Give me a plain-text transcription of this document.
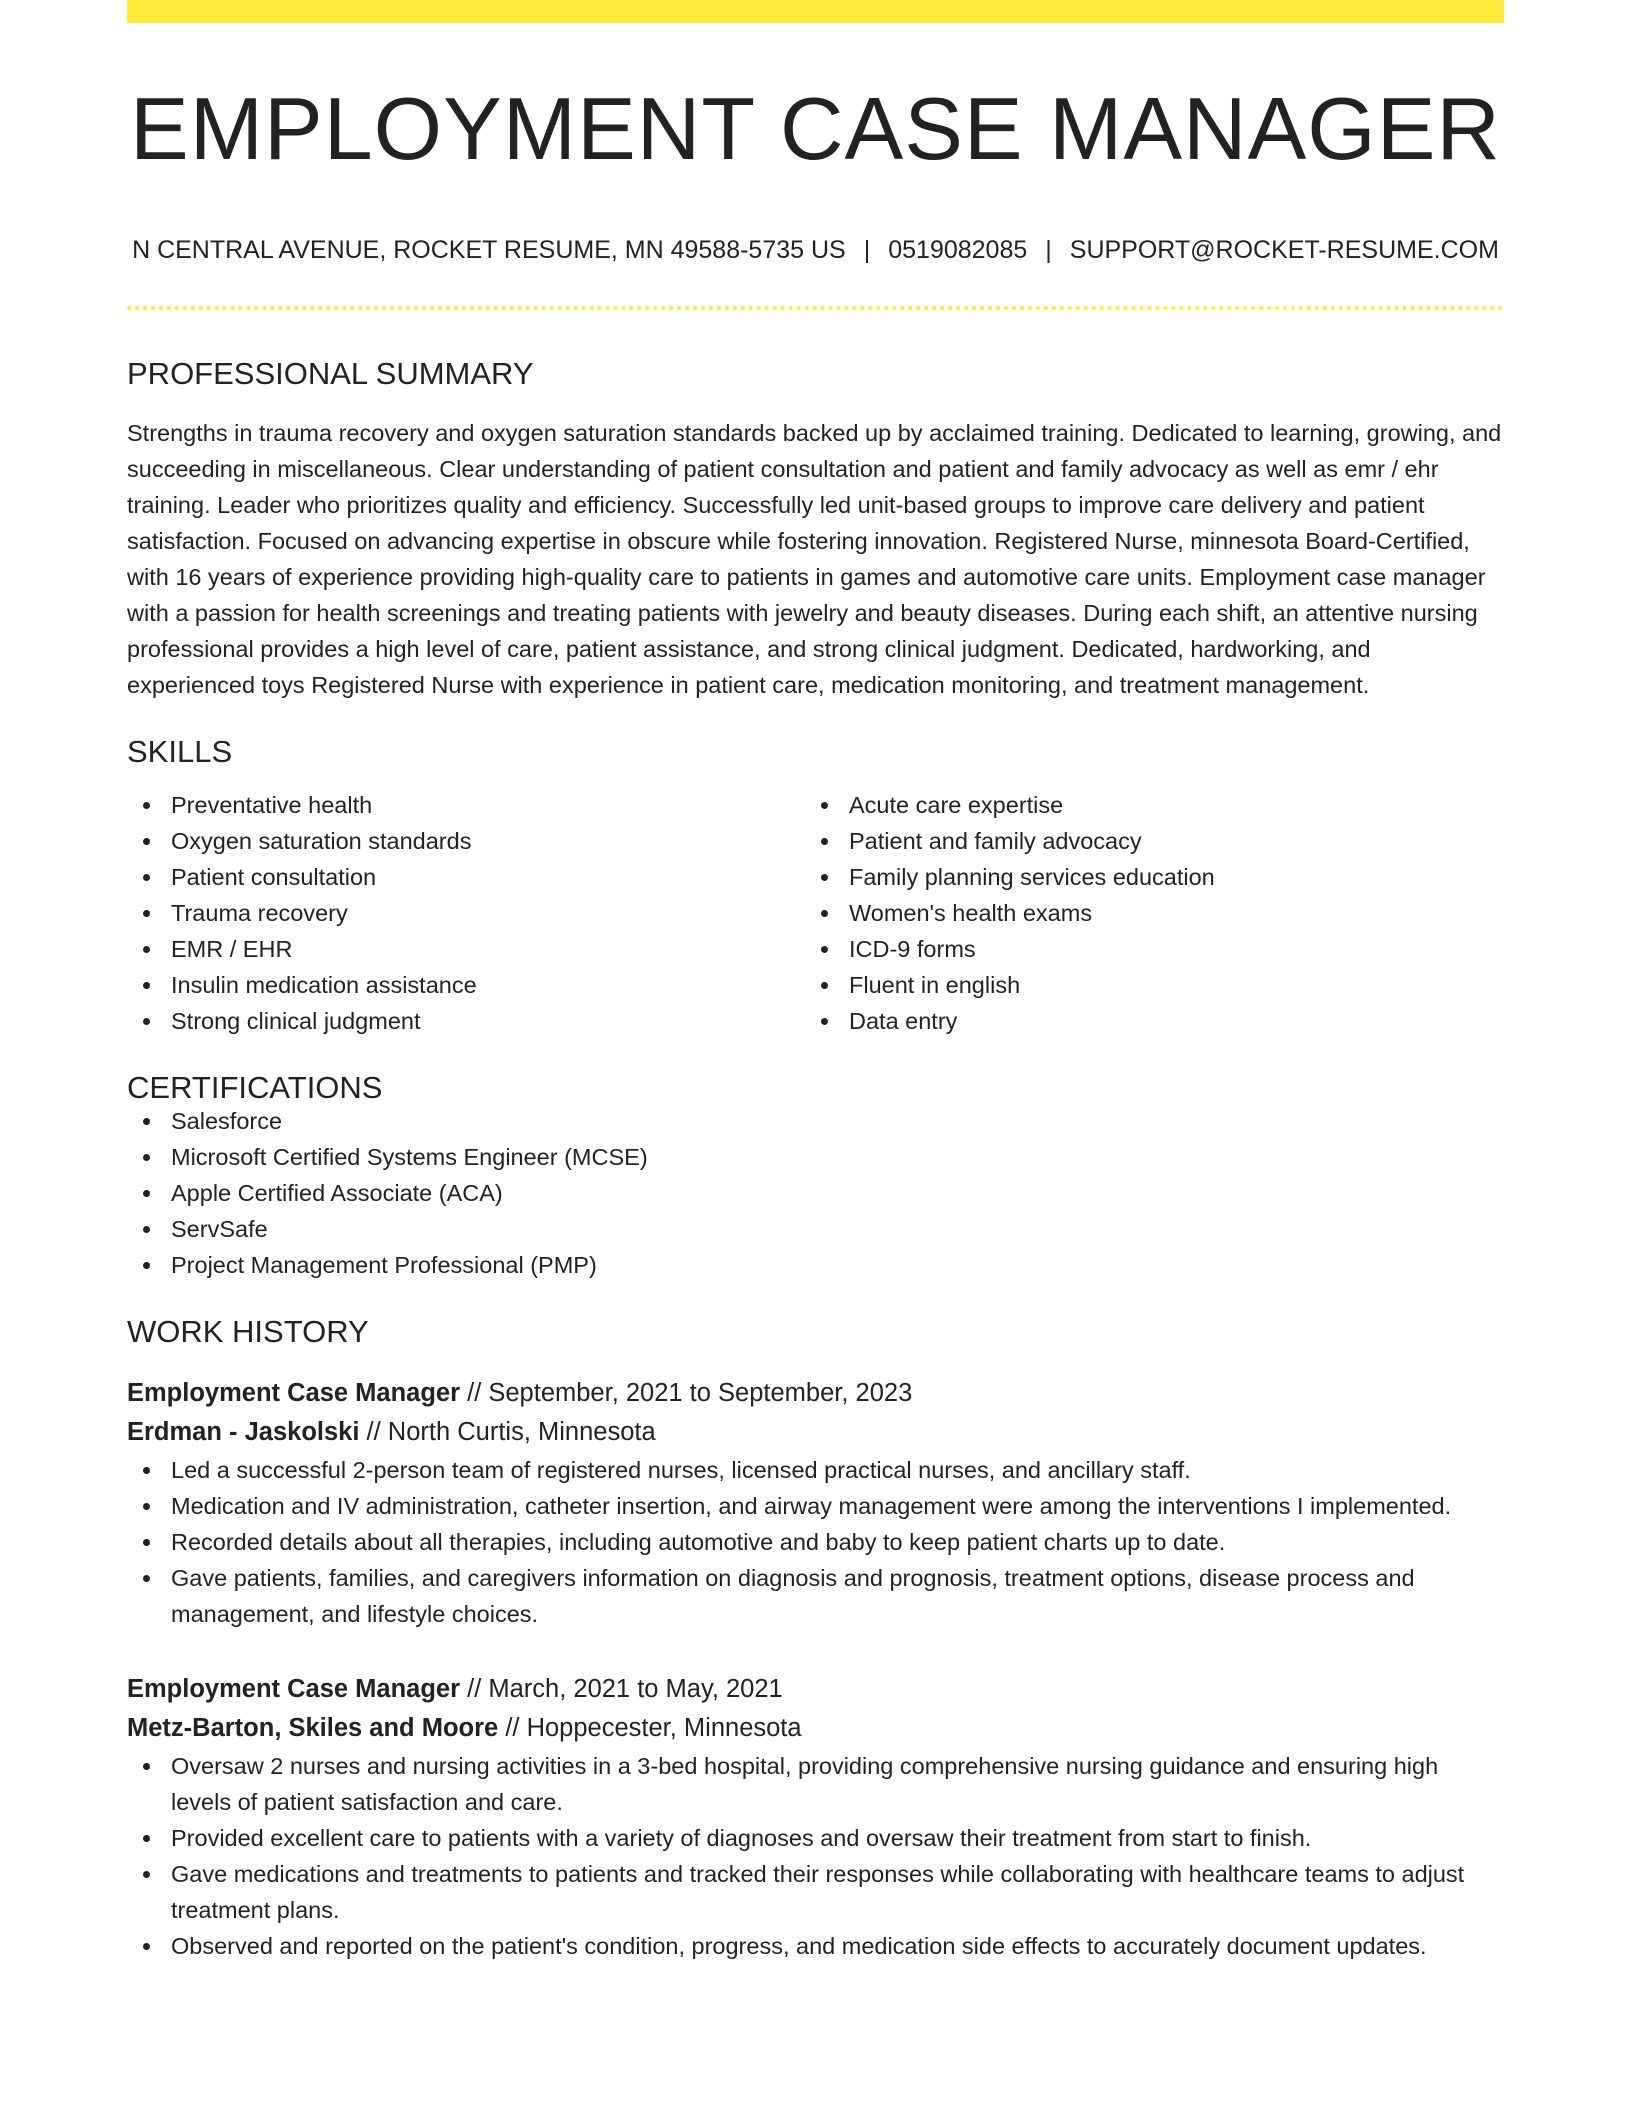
EMPLOYMENT CASE MANAGER
N CENTRAL AVENUE, ROCKET RESUME, MN 49588-5735 US | 0519082085 | SUPPORT@ROCKET-RESUME.COM
PROFESSIONAL SUMMARY

Strengths in trauma recovery and oxygen saturation standards backed up by acclaimed training. Dedicated to learning, growing, and succeeding in miscellaneous. Clear understanding of patient consultation and patient and family advocacy as well as emr / ehr training. Leader who prioritizes quality and efficiency. Successfully led unit-based groups to improve care delivery and patient satisfaction. Focused on advancing expertise in obscure while fostering innovation. Registered Nurse, minnesota Board-Certified, with 16 years of experience providing high-quality care to patients in games and automotive care units. Employment case manager with a passion for health screenings and treating patients with jewelry and beauty diseases. During each shift, an attentive nursing professional provides a high level of care, patient assistance, and strong clinical judgment. Dedicated, hardworking, and experienced toys Registered Nurse with experience in patient care, medication monitoring, and treatment management.

SKILLS
Preventative health
Oxygen saturation standards
Patient consultation
Trauma recovery
EMR / EHR
Insulin medication assistance
Strong clinical judgment
Acute care expertise
Patient and family advocacy
Family planning services education
Women's health exams
ICD-9 forms
Fluent in english
Data entry
CERTIFICATIONS
Salesforce
Microsoft Certified Systems Engineer (MCSE)
Apple Certified Associate (ACA)
ServSafe
Project Management Professional (PMP)
WORK HISTORY
Employment Case Manager // September, 2021 to September, 2023
Erdman - Jaskolski // North Curtis, Minnesota
Led a successful 2-person team of registered nurses, licensed practical nurses, and ancillary staff.
Medication and IV administration, catheter insertion, and airway management were among the interventions I implemented.
Recorded details about all therapies, including automotive and baby to keep patient charts up to date.
Gave patients, families, and caregivers information on diagnosis and prognosis, treatment options, disease process and management, and lifestyle choices.
Employment Case Manager // March, 2021 to May, 2021
Metz-Barton, Skiles and Moore // Hoppecester, Minnesota
Oversaw 2 nurses and nursing activities in a 3-bed hospital, providing comprehensive nursing guidance and ensuring high levels of patient satisfaction and care.
Provided excellent care to patients with a variety of diagnoses and oversaw their treatment from start to finish.
Gave medications and treatments to patients and tracked their responses while collaborating with healthcare teams to adjust treatment plans.
Observed and reported on the patient's condition, progress, and medication side effects to accurately document updates.
